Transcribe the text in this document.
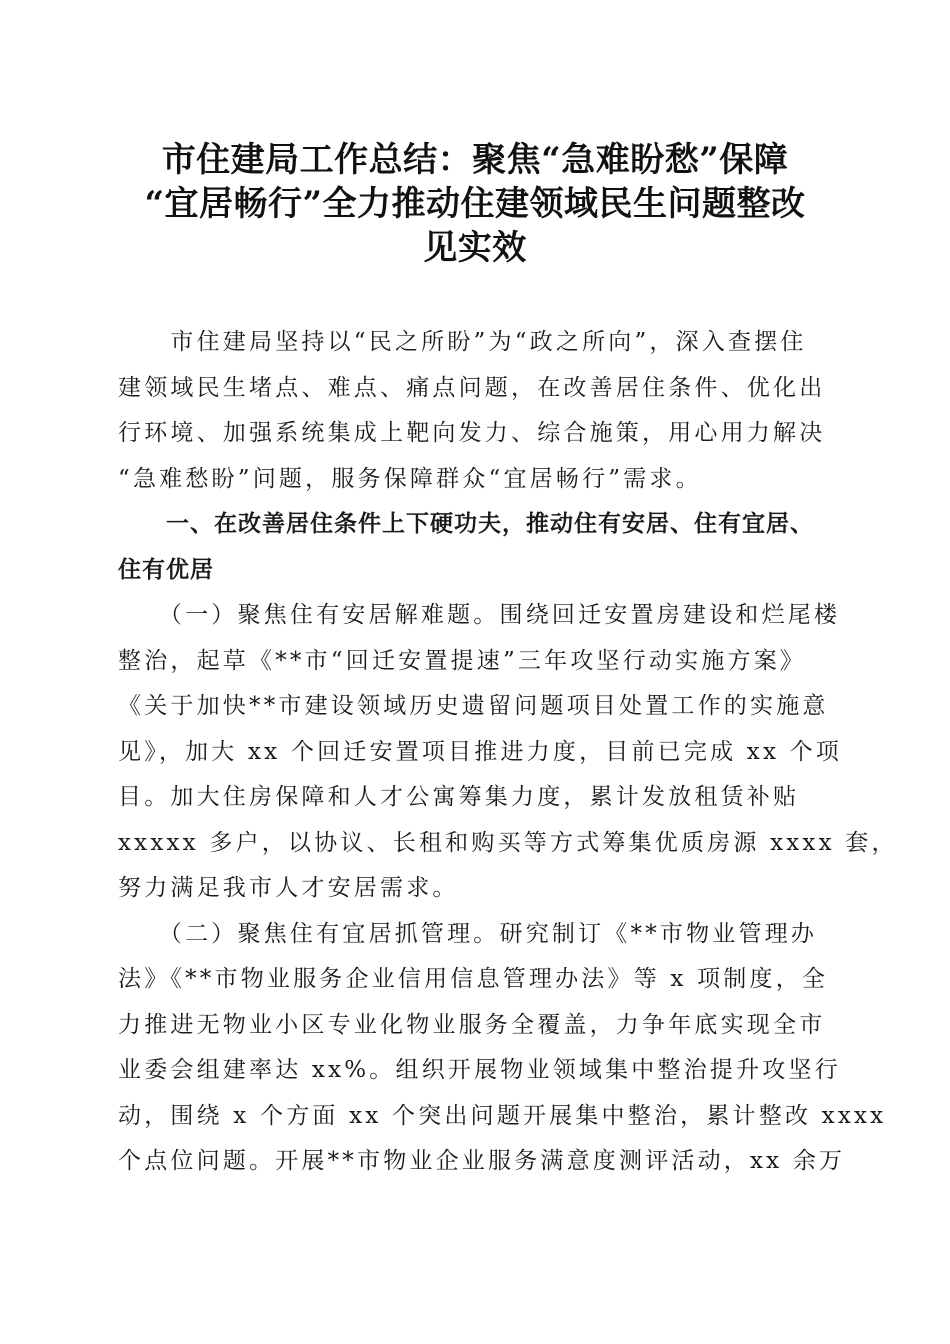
市住建局工作总结：聚焦“急难盼愁”保障
“宜居畅行”全力推动住建领域民生问题整改
见实效

　　市住建局坚持以“民之所盼”为“政之所向”，深入查摆住
建领域民生堵点、难点、痛点问题，在改善居住条件、优化出
行环境、加强系统集成上靶向发力、综合施策，用心用力解决
“急难愁盼”问题，服务保障群众“宜居畅行”需求。

　　一、在改善居住条件上下硬功夫，推动住有安居、住有宜居、
住有优居

　　（一）聚焦住有安居解难题。围绕回迁安置房建设和烂尾楼
整治，起草《**市“回迁安置提速”三年攻坚行动实施方案》
《关于加快**市建设领域历史遗留问题项目处置工作的实施意
见》，加大 xx 个回迁安置项目推进力度，目前已完成 xx 个项
目。加大住房保障和人才公寓筹集力度，累计发放租赁补贴
xxxxx 多户，以协议、长租和购买等方式筹集优质房源 xxxx 套，
努力满足我市人才安居需求。

　　（二）聚焦住有宜居抓管理。研究制订《**市物业管理办
法》《**市物业服务企业信用信息管理办法》等 x 项制度，全
力推进无物业小区专业化物业服务全覆盖，力争年底实现全市
业委会组建率达 xx%。组织开展物业领域集中整治提升攻坚行
动，围绕 x 个方面 xx 个突出问题开展集中整治，累计整改 xxxx
个点位问题。开展**市物业企业服务满意度测评活动，xx 余万
